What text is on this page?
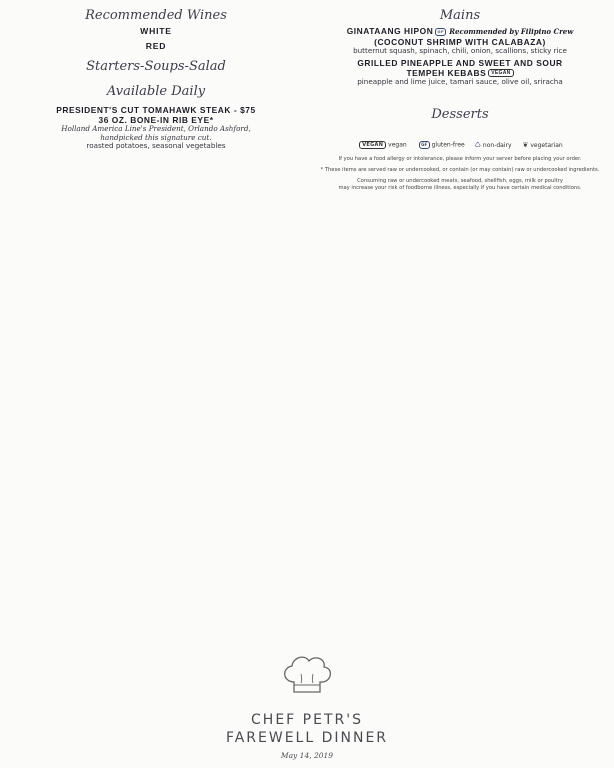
Recommended Wines
WHITE
RED
Starters-Soups-Salad
Available Daily
PRESIDENT'S CUT TOMAHAWK STEAK - $75
36 OZ. BONE-IN RIB EYE*
Holland America Line's President, Orlando Ashford,
handpicked this signature cut.
roasted potatoes, seasonal vegetables
Mains
GINATAANG HIPON GF Recommended by Filipino Crew
(COCONUT SHRIMP WITH CALABAZA)
butternut squash, spinach, chili, onion, scallions, sticky rice
GRILLED PINEAPPLE AND SWEET AND SOUR
TEMPEH KEBABS VEGAN
pineapple and lime juice, tamari sauce, olive oil, sriracha
Desserts
VEGAN vegan	GF gluten-free ♺ non-dairy ❦ vegetarian

If you have a food allergy or intolerance, please inform your server before placing your order.

* These items are served raw or undercooked, or contain (or may contain) raw or undercooked ingredients.

Consuming raw or undercooked meats, seafood, shellfish, eggs, milk or poultry
may increase your risk of foodborne illness, especially if you have certain medical conditions.
CHEF PETR'S
FAREWELL DINNER
May 14, 2019
